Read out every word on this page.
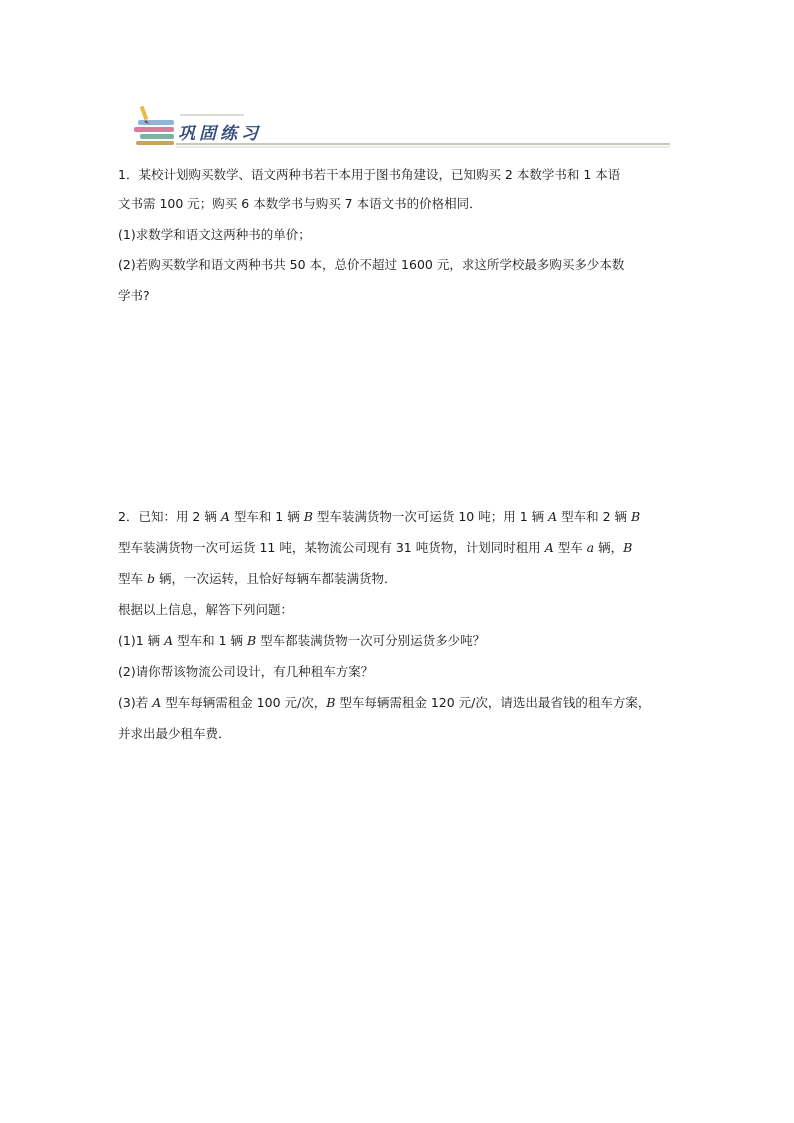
巩固练习
1．某校计划购买数学、语文两种书若干本用于图书角建设，已知购买 2 本数学书和 1 本语
文书需 100 元；购买 6 本数学书与购买 7 本语文书的价格相同．
(1)求数学和语文这两种书的单价；
(2)若购买数学和语文两种书共 50 本，总价不超过 1600 元，求这所学校最多购买多少本数
学书?
2．已知：用 2 辆 A 型车和 1 辆 B 型车装满货物一次可运货 10 吨；用 1 辆 A 型车和 2 辆 B
型车装满货物一次可运货 11 吨，某物流公司现有 31 吨货物，计划同时租用 A 型车 a 辆，B
型车 b 辆，一次运转，且恰好每辆车都装满货物．
根据以上信息，解答下列问题：
(1)1 辆 A 型车和 1 辆 B 型车都装满货物一次可分别运货多少吨？
(2)请你帮该物流公司设计，有几种租车方案？
(3)若 A 型车每辆需租金 100 元/次，B 型车每辆需租金 120 元/次，请选出最省钱的租车方案，
并求出最少租车费．
